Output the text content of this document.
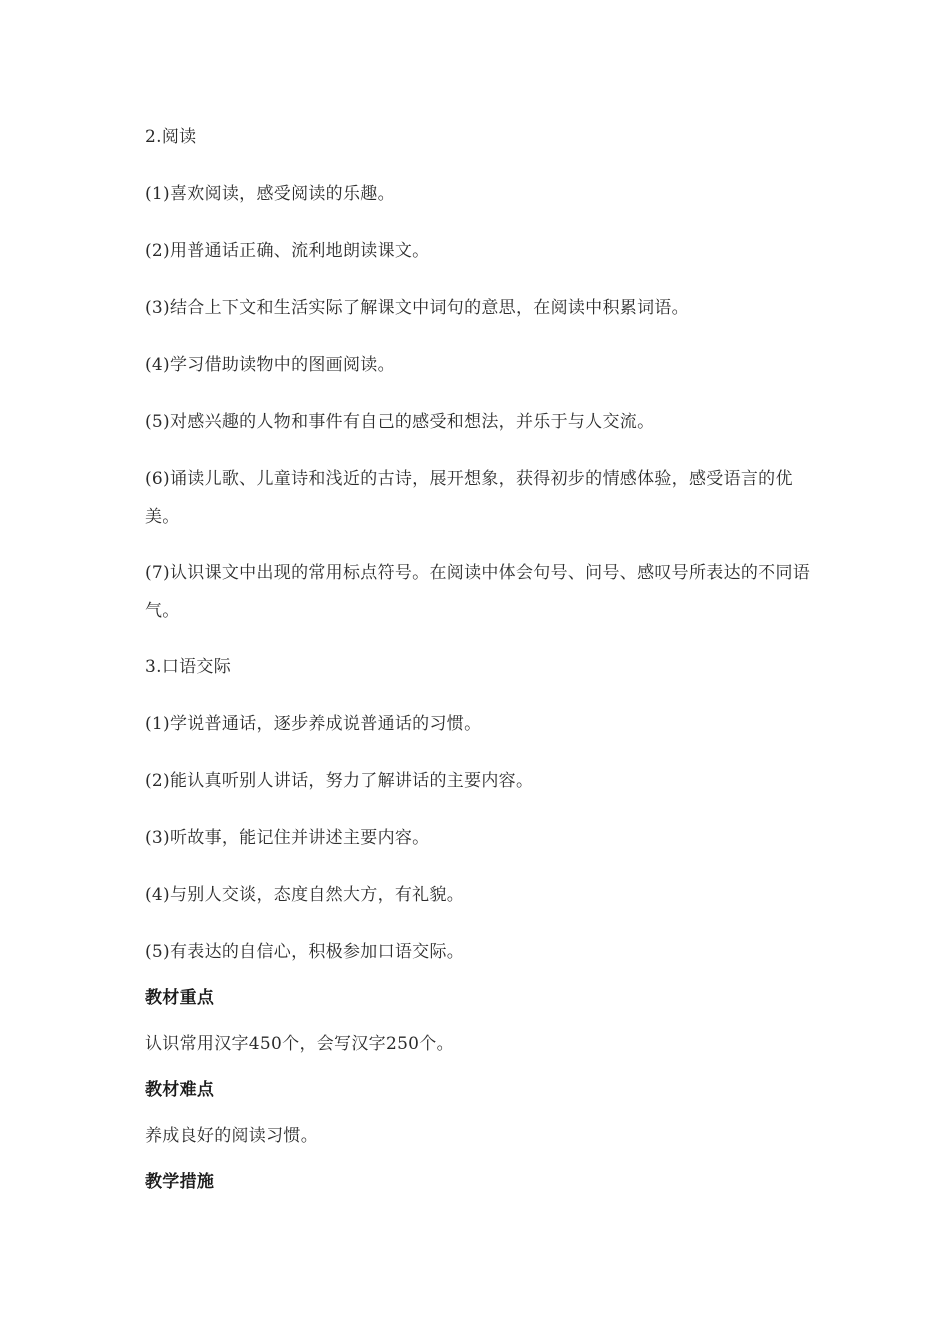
2.阅读
(1)喜欢阅读，感受阅读的乐趣。
(2)用普通话正确、流利地朗读课文。
(3)结合上下文和生活实际了解课文中词句的意思，在阅读中积累词语。
(4)学习借助读物中的图画阅读。
(5)对感兴趣的人物和事件有自己的感受和想法，并乐于与人交流。
(6)诵读儿歌、儿童诗和浅近的古诗，展开想象，获得初步的情感体验，感受语言的优美。
(7)认识课文中出现的常用标点符号。在阅读中体会句号、问号、感叹号所表达的不同语气。
3.口语交际
(1)学说普通话，逐步养成说普通话的习惯。
(2)能认真听别人讲话，努力了解讲话的主要内容。
(3)听故事，能记住并讲述主要内容。
(4)与别人交谈，态度自然大方，有礼貌。
(5)有表达的自信心，积极参加口语交际。
教材重点
认识常用汉字450个，会写汉字250个。
教材难点
养成良好的阅读习惯。
教学措施
